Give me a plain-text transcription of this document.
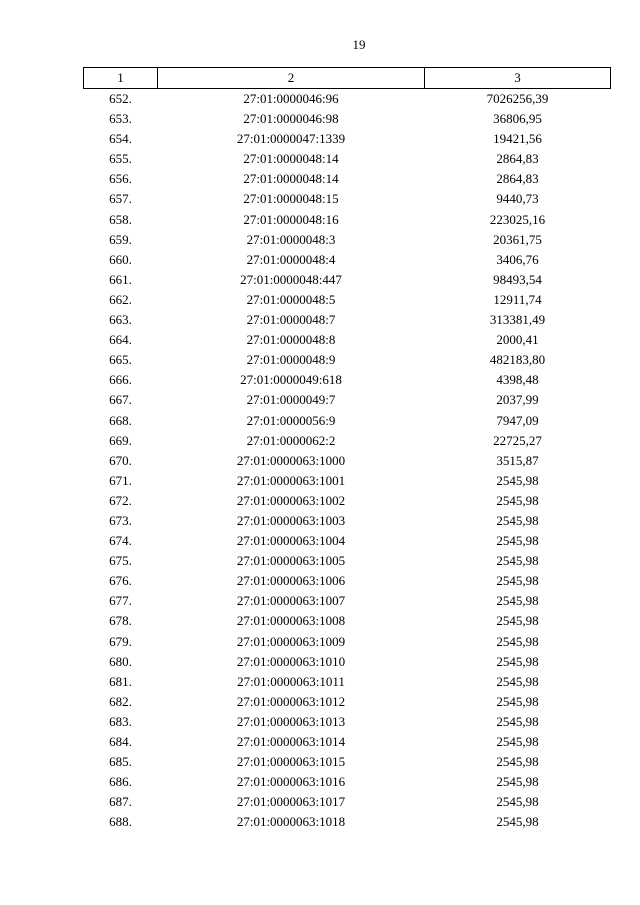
19
1	2	3
652.	27:01:0000046:96	7026256,39
653.	27:01:0000046:98	36806,95
654.	27:01:0000047:1339	19421,56
655.	27:01:0000048:14	2864,83
656.	27:01:0000048:14	2864,83
657.	27:01:0000048:15	9440,73
658.	27:01:0000048:16	223025,16
659.	27:01:0000048:3	20361,75
660.	27:01:0000048:4	3406,76
661.	27:01:0000048:447	98493,54
662.	27:01:0000048:5	12911,74
663.	27:01:0000048:7	313381,49
664.	27:01:0000048:8	2000,41
665.	27:01:0000048:9	482183,80
666.	27:01:0000049:618	4398,48
667.	27:01:0000049:7	2037,99
668.	27:01:0000056:9	7947,09
669.	27:01:0000062:2	22725,27
670.	27:01:0000063:1000	3515,87
671.	27:01:0000063:1001	2545,98
672.	27:01:0000063:1002	2545,98
673.	27:01:0000063:1003	2545,98
674.	27:01:0000063:1004	2545,98
675.	27:01:0000063:1005	2545,98
676.	27:01:0000063:1006	2545,98
677.	27:01:0000063:1007	2545,98
678.	27:01:0000063:1008	2545,98
679.	27:01:0000063:1009	2545,98
680.	27:01:0000063:1010	2545,98
681.	27:01:0000063:1011	2545,98
682.	27:01:0000063:1012	2545,98
683.	27:01:0000063:1013	2545,98
684.	27:01:0000063:1014	2545,98
685.	27:01:0000063:1015	2545,98
686.	27:01:0000063:1016	2545,98
687.	27:01:0000063:1017	2545,98
688.	27:01:0000063:1018	2545,98
